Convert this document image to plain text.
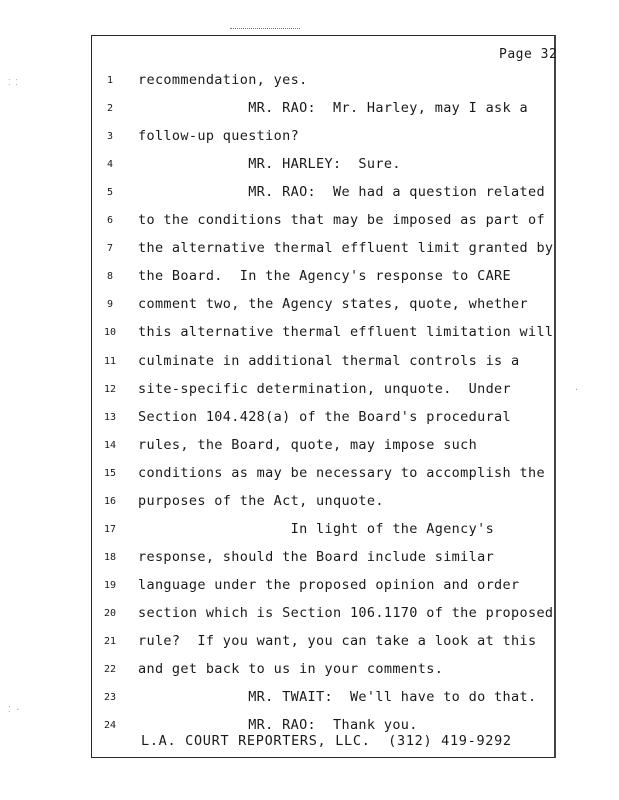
⁚ ⁚
⁚ ·
·
Page 32
1	recommendation, yes.
2	MR. RAO:  Mr. Harley, may I ask a
3	follow-up question?
4	MR. HARLEY:  Sure.
5	MR. RAO:  We had a question related
6	to the conditions that may be imposed as part of
7	the alternative thermal effluent limit granted by
8	the Board.  In the Agency's response to CARE
9	comment two, the Agency states, quote, whether
10 this alternative thermal effluent limitation will
11 culminate in additional thermal controls is a
12 site-specific determination, unquote.  Under
13 Section 104.428(a) of the Board's procedural
14 rules, the Board, quote, may impose such
15 conditions as may be necessary to accomplish the
16 purposes of the Act, unquote.
17 In light of the Agency's
18 response, should the Board include similar
19 language under the proposed opinion and order
20 section which is Section 106.1170 of the proposed
21 rule?  If you want, you can take a look at this
22 and get back to us in your comments.
23 MR. TWAIT:  We'll have to do that.
24 MR. RAO:  Thank you.
L.A. COURT REPORTERS, LLC.  (312) 419-9292
